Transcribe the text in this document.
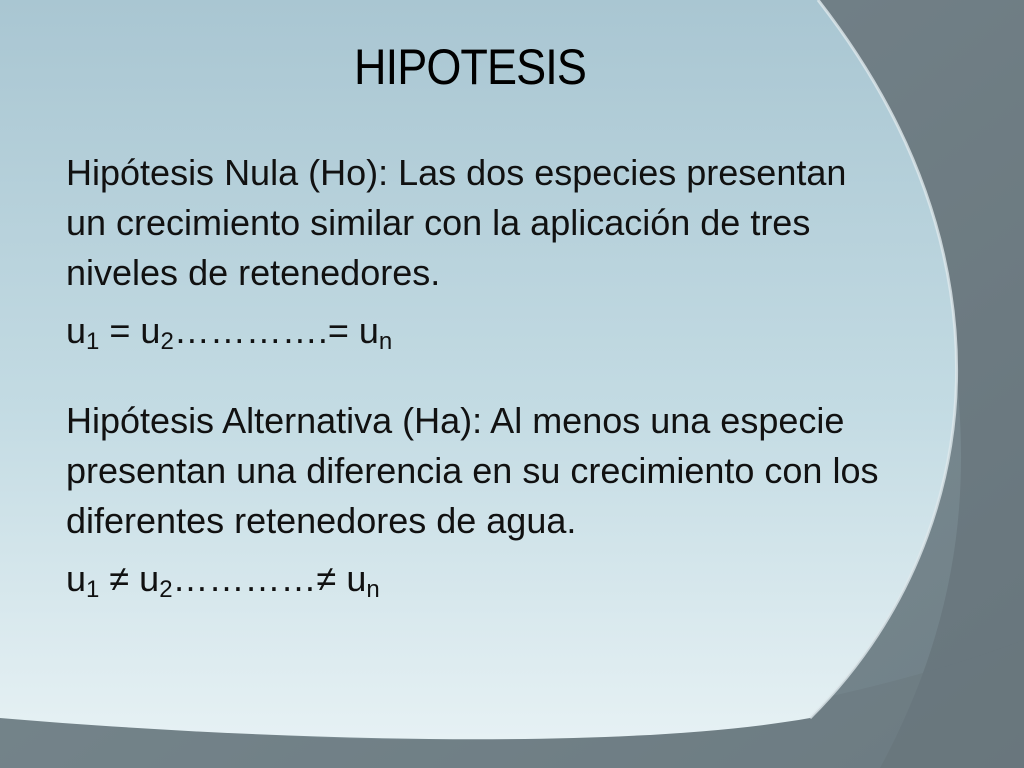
HIPOTESIS

Hipótesis Nula (Ho): Las dos especies presentan un crecimiento similar con la aplicación de tres niveles de retenedores.

$u_1$ = $u_2\dots\dots\dots\dots.= u_n$

Hipótesis Alternativa (Ha): Al menos una especie presentan una diferencia en su crecimiento con los diferentes retenedores de agua.

$u_1$ ≠ $u_2\dots\dots\dots\dots\ne u_n$
